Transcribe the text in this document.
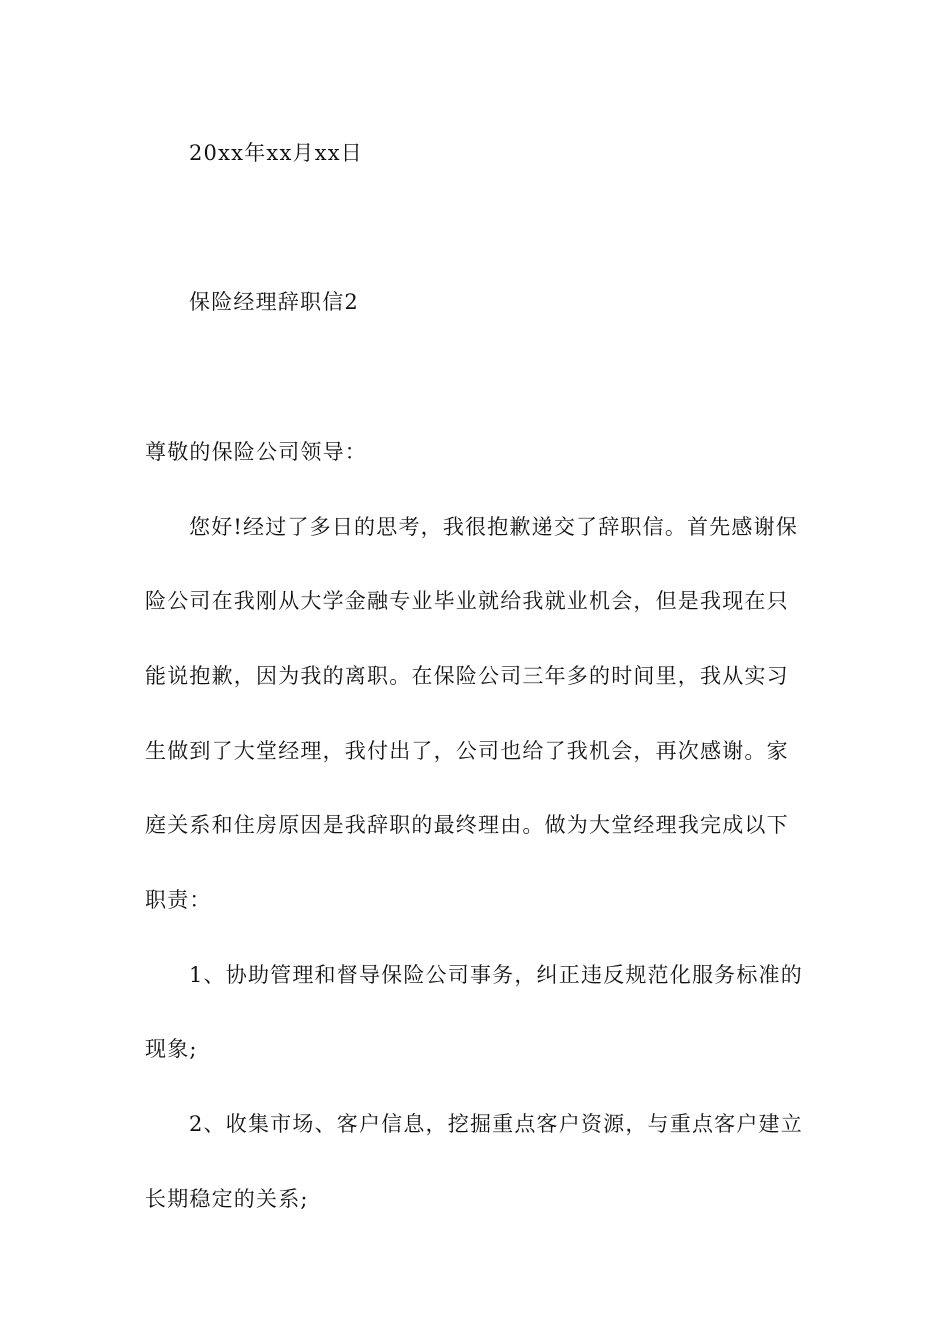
20xx年xx月xx日
保险经理辞职信2
尊敬的保险公司领导：
您好!经过了多日的思考，我很抱歉递交了辞职信。首先感谢保
险公司在我刚从大学金融专业毕业就给我就业机会，但是我现在只
能说抱歉，因为我的离职。在保险公司三年多的时间里，我从实习
生做到了大堂经理，我付出了，公司也给了我机会，再次感谢。家
庭关系和住房原因是我辞职的最终理由。做为大堂经理我完成以下
职责：
1、协助管理和督导保险公司事务，纠正违反规范化服务标准的
现象;
2、收集市场、客户信息，挖掘重点客户资源，与重点客户建立
长期稳定的关系;
